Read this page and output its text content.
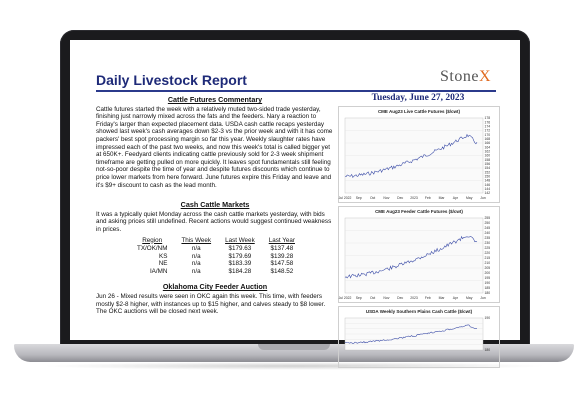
Daily Livestock Report	StoneX
Cattle Futures Commentary

Cattle futures started the week with a relatively muted two-sided trade yesterday, finishing just narrowly mixed across the fats and the feeders. Nary a reaction to Friday's larger than expected placement data. USDA cash cattle recaps yesterday showed last week's cash averages down $2-3 vs the prior week and with it has come packers' best spot processing margin so far this year. Weekly slaughter rates have impressed each of the past two weeks, and now this week's total is called bigger yet at 650K+. Feedyard clients indicating cattle previously sold for 2-3 week shipment timeframe are getting pulled on more quickly. It leaves spot fundamentals still feeling not-so-poor despite the time of year and despite futures discounts which continue to price lower markets from here forward. June futures expire this Friday and leave and it's $9+ discount to cash as the lead month.

Cash Cattle Markets

It was a typically quiet Monday across the cash cattle markets yesterday, with bids and asking prices still undefined. Recent actions would suggest continued weakness in prices.

Region	This Week	Last Week	Last Year
TX/OK/NM	n/a	$179.63	$137.48
KS	n/a	$179.69	$139.28
NE	n/a	$183.39	$147.58
IA/MN	n/a	$184.28	$148.52
Oklahoma City Feeder Auction

Jun 26 - Mixed results were seen in OKC again this week. This time, with feeders mostly $2-8 higher, with instances up to $15 higher, and calves steady to $8 lower. The OKC auctions will be closed next week.

Tuesday, June 27, 2023
CME Aug23 Live Cattle Futures ($/cwt)
178
176
174
172
170
168
166
164
162
160
158
156
154
152
150
148
146
144
142
Jul 2022 Sep Oct Nov Dec 2023 Feb Mar Apr May Jun
CME Aug23 Feeder Cattle Futures ($/cwt)
255
250
245
240
235
230
225
220
215
210
205
200
195
190
185
180
Jul 2022 Sep Oct Nov Dec 2023 Feb Mar Apr May Jun
USDA Weekly Southern Plains Cash Cattle ($/cwt)
190
180
